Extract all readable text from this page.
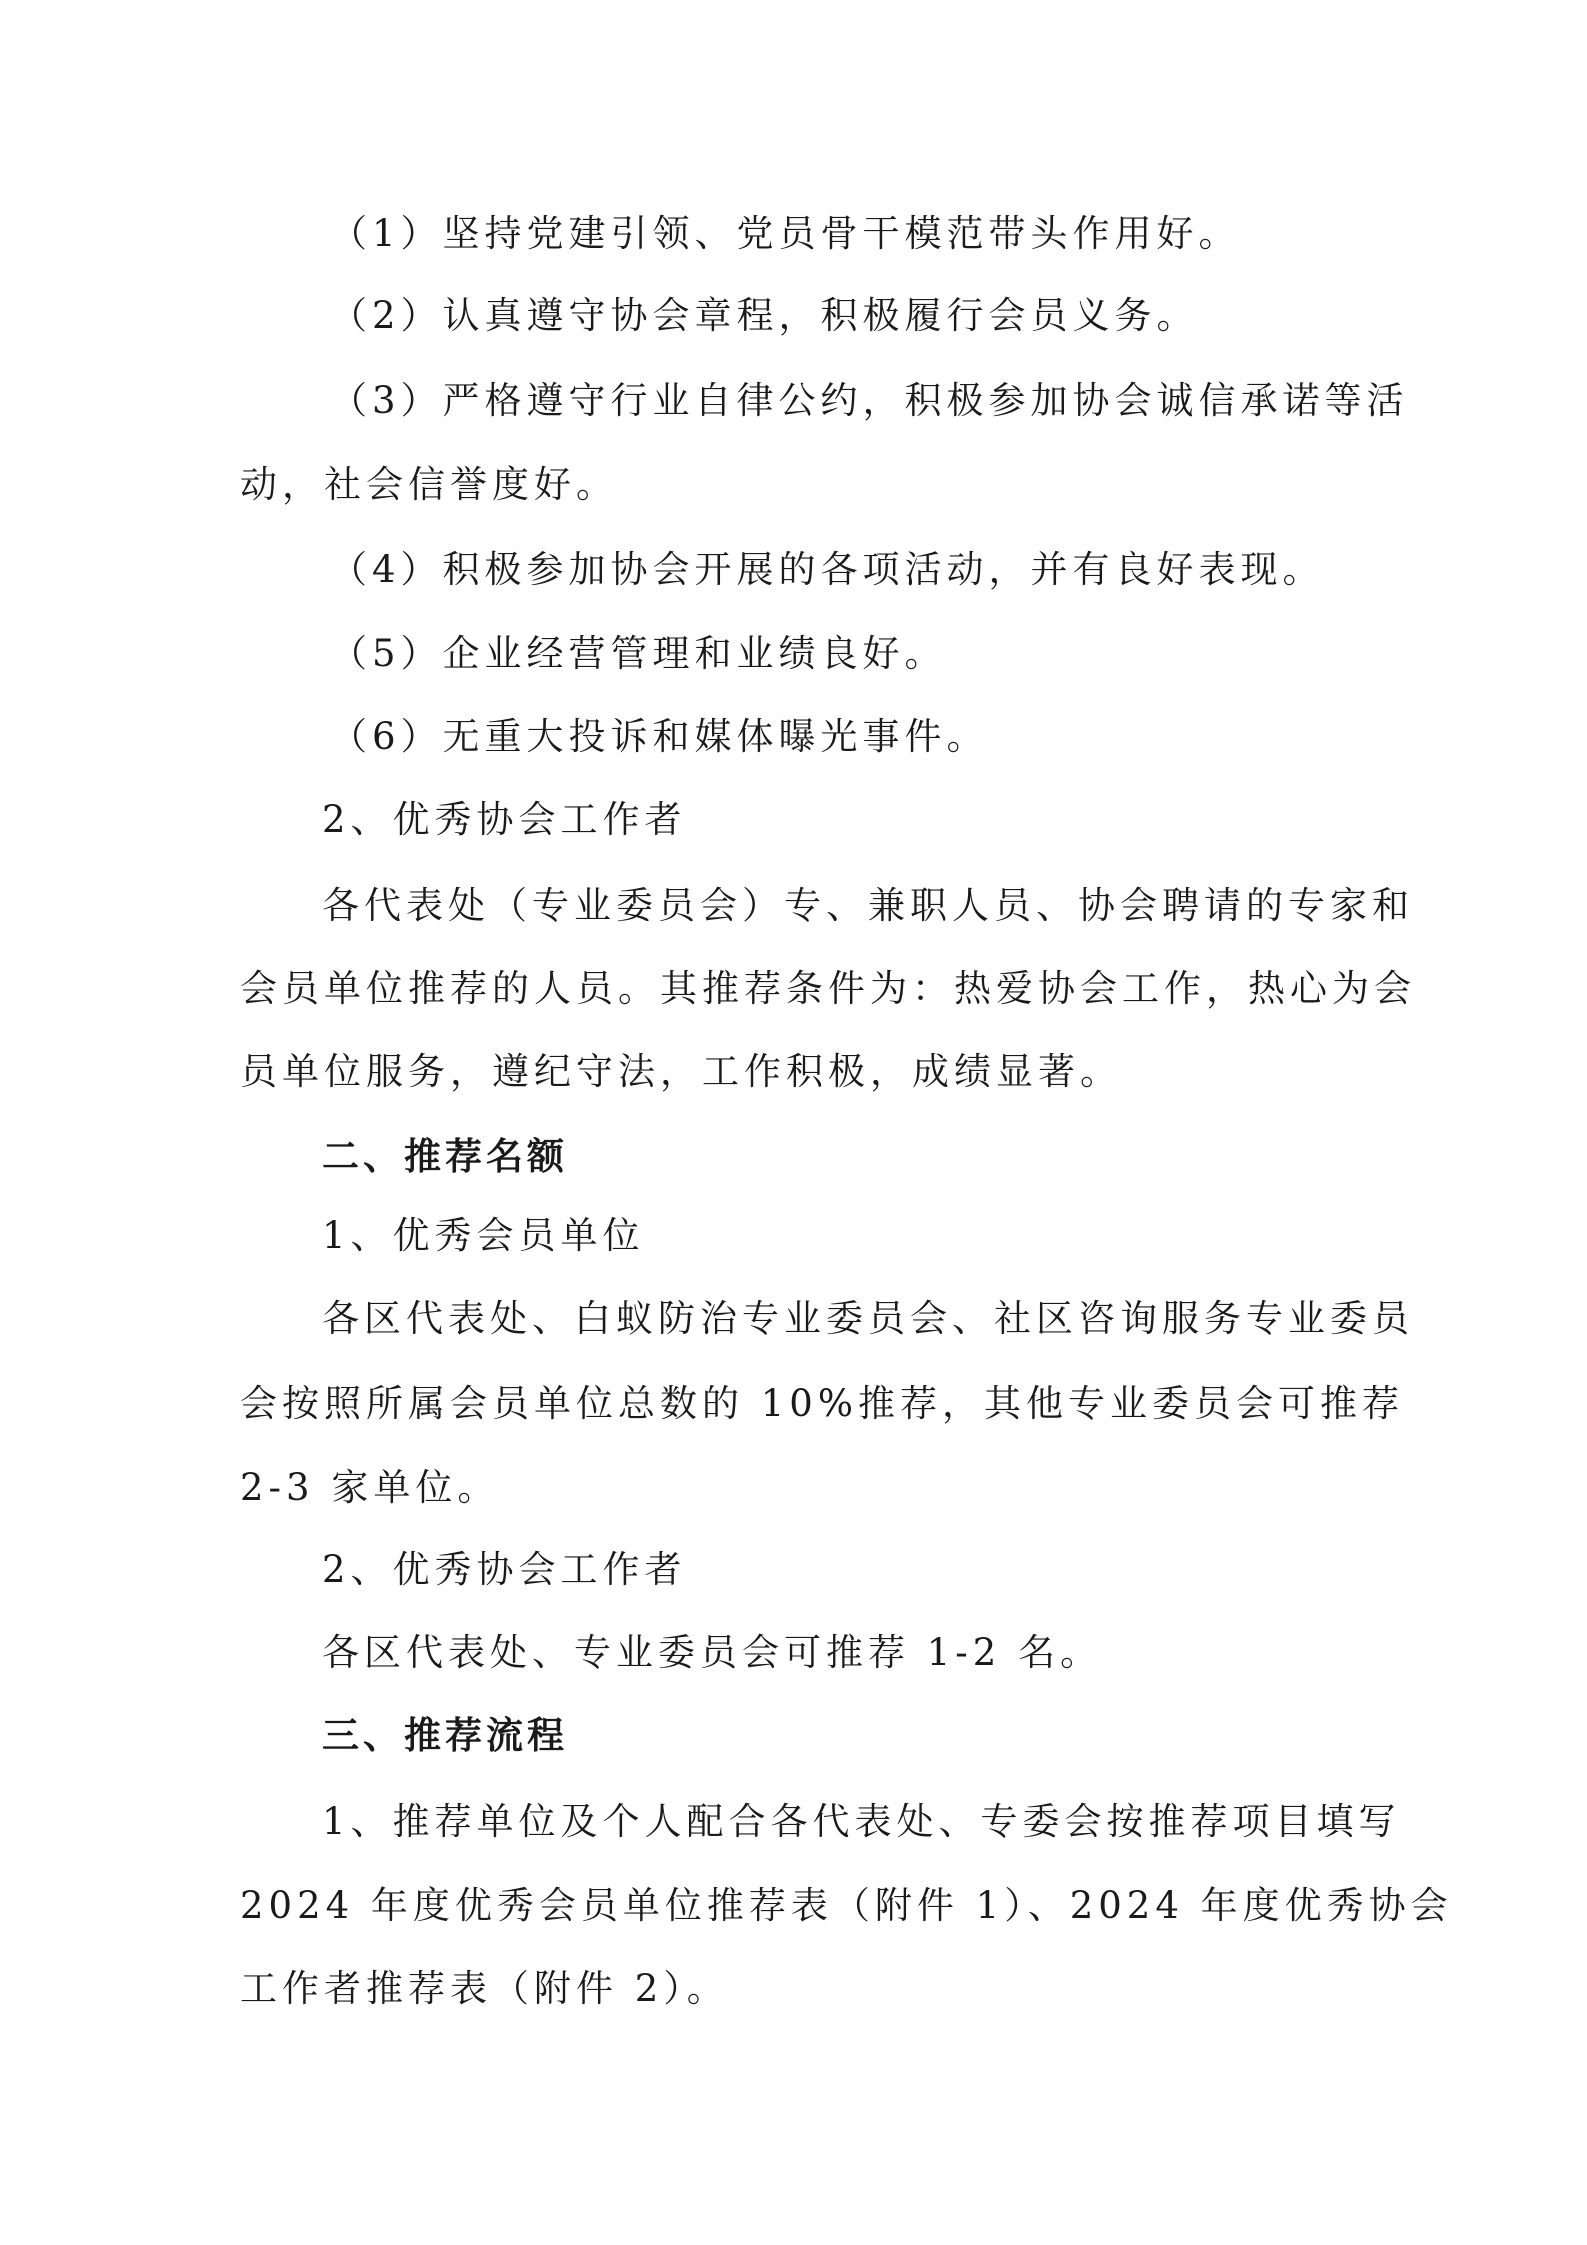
（1）坚持党建引领、党员骨干模范带头作用好。
（2）认真遵守协会章程，积极履行会员义务。
（3）严格遵守行业自律公约，积极参加协会诚信承诺等活
动，社会信誉度好。
（4）积极参加协会开展的各项活动，并有良好表现。
（5）企业经营管理和业绩良好。
（6）无重大投诉和媒体曝光事件。
2、优秀协会工作者
各代表处（专业委员会）专、兼职人员、协会聘请的专家和
会员单位推荐的人员。其推荐条件为：热爱协会工作，热心为会
员单位服务，遵纪守法，工作积极，成绩显著。
二、推荐名额
1、优秀会员单位
各区代表处、白蚁防治专业委员会、社区咨询服务专业委员
会按照所属会员单位总数的 10%推荐，其他专业委员会可推荐
2-3 家单位。
2、优秀协会工作者
各区代表处、专业委员会可推荐 1-2 名。
三、推荐流程
1、推荐单位及个人配合各代表处、专委会按推荐项目填写
2024 年度优秀会员单位推荐表（附件 1）、2024 年度优秀协会
工作者推荐表（附件 2）。
